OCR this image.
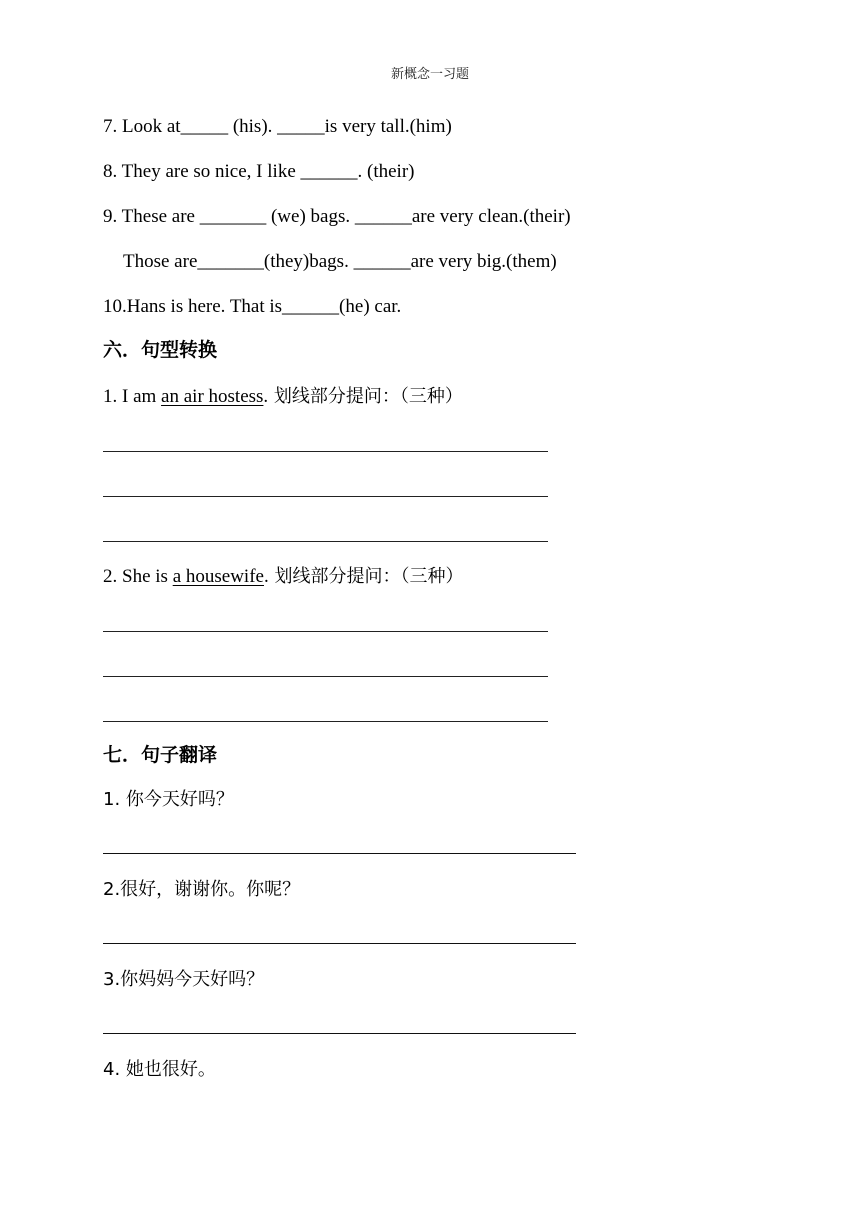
新概念一习题
7. Look at_____ (his). _____is very tall.(him)
8. They are so nice, I like ______. (their)
9. These are _______ (we) bags. ______are very clean.(their)
Those are_______(they)bags. ______are very big.(them)
10.Hans is here. That is______(he) car.
六．句型转换
1. I am an air hostess. 划线部分提问：（三种）
2. She is a housewife. 划线部分提问：（三种）
七．句子翻译
1. 你今天好吗？
2.很好，谢谢你。你呢？
3.你妈妈今天好吗？
4. 她也很好。
